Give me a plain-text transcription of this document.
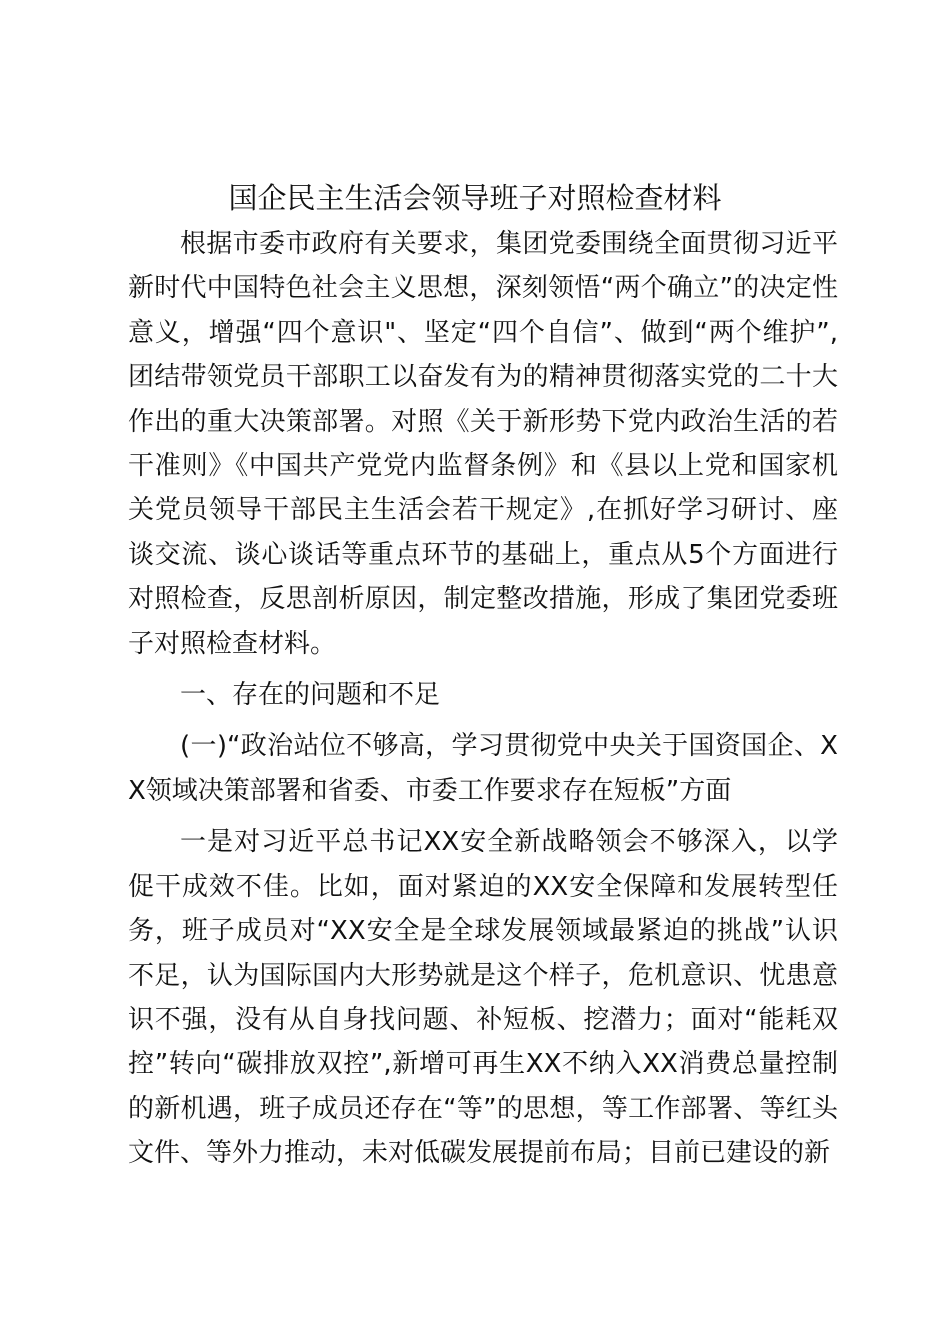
国企民主生活会领导班子对照检查材料

根据市委市政府有关要求，集团党委围绕全面贯彻习近平新时代中国特色社会主义思想，深刻领悟“两个确立”的决定性意义，增强“四个意识"、坚定“四个自信”、做到“两个维护”,团结带领党员干部职工以奋发有为的精神贯彻落实党的二十大作出的重大决策部署。对照《关于新形势下党内政治生活的若干准则》《中国共产党党内监督条例》和《县以上党和国家机关党员领导干部民主生活会若干规定》,在抓好学习研讨、座谈交流、谈心谈话等重点环节的基础上，重点从5个方面进行对照检查，反思剖析原因，制定整改措施，形成了集团党委班子对照检查材料。

一、存在的问题和不足

(一)“政治站位不够高，学习贯彻党中央关于国资国企、XX领域决策部署和省委、市委工作要求存在短板”方面

一是对习近平总书记XX安全新战略领会不够深入，以学促干成效不佳。比如，面对紧迫的XX安全保障和发展转型任务，班子成员对“XX安全是全球发展领域最紧迫的挑战”认识不足，认为国际国内大形势就是这个样子，危机意识、忧患意识不强，没有从自身找问题、补短板、挖潜力；面对“能耗双控”转向“碳排放双控”,新增可再生XX不纳入XX消费总量控制的新机遇，班子成员还存在“等”的思想，等工作部署、等红头文件、等外力推动，未对低碳发展提前布局；目前已建设的新
